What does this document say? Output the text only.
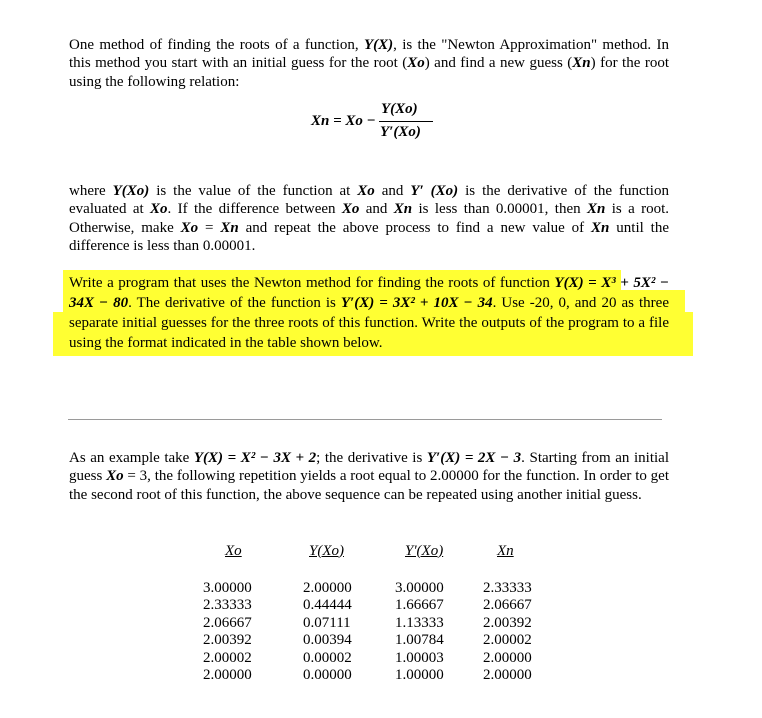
One method of finding the roots of a function, Y(X), is the "Newton Approximation" method. In this method you start with an initial guess for the root (Xo) and find a new guess (Xn) for the root using the following relation:
Xn = Xo −
Y(Xo)
Y′(Xo)
where Y(Xo) is the value of the function at Xo and Y′ (Xo) is the derivative of the function evaluated at Xo. If the difference between Xo and Xn is less than 0.00001, then Xn is a root. Otherwise, make Xo = Xn and repeat the above process to find a new value of Xn until the difference is less than 0.00001.
Write a program that uses the Newton method for finding the roots of function Y(X) = X³ + 5X² − 34X − 80. The derivative of the function is Y′(X) = 3X² + 10X − 34. Use -20, 0, and 20 as three separate initial guesses for the three roots of this function. Write the outputs of the program to a file using the format indicated in the table shown below.
As an example take Y(X) = X² − 3X + 2; the derivative is Y′(X) = 2X − 3. Starting from an initial guess Xo = 3, the following repetition yields a root equal to 2.00000 for the function. In order to get the second root of this function, the above sequence can be repeated using another initial guess.
Xo	Y(Xo)	Y'(Xo)	Xn

3.00000	2.00000	3.00000	2.33333
2.33333	0.44444	1.66667	2.06667
2.06667	0.07111	1.13333	2.00392
2.00392	0.00394	1.00784	2.00002
2.00002	0.00002	1.00003	2.00000
2.00000	0.00000	1.00000	2.00000
